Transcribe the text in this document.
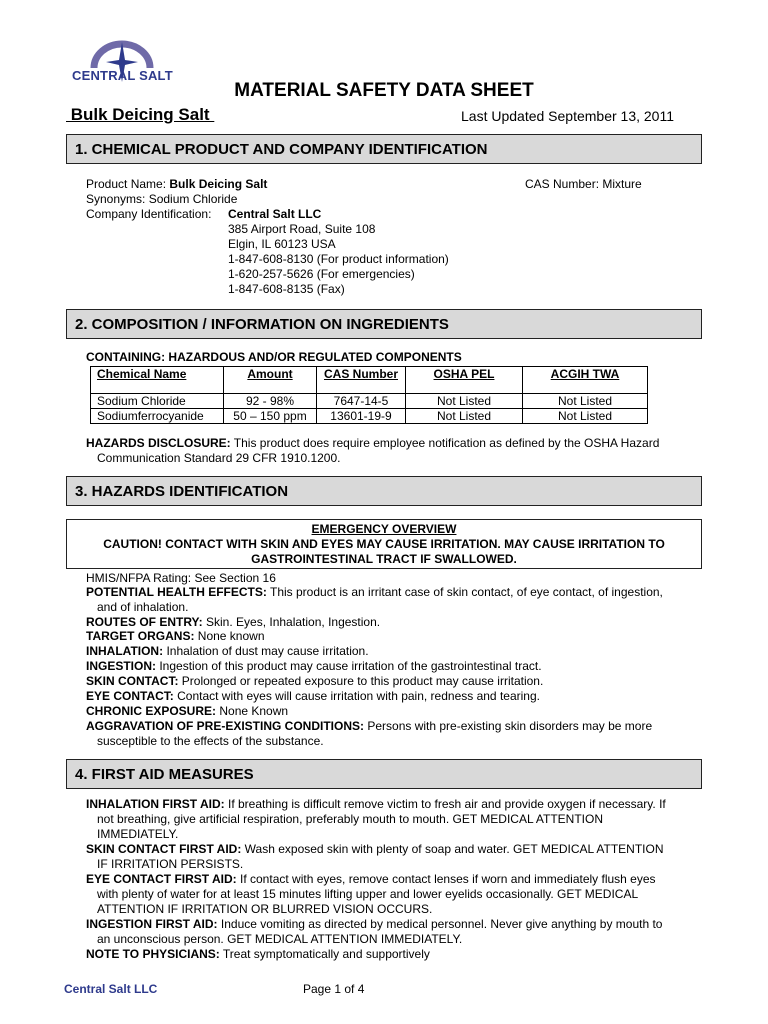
CENTRAL SALT
MATERIAL SAFETY DATA SHEET
Bulk Deicing Salt	Last Updated September 13, 2011
1. CHEMICAL PRODUCT AND COMPANY IDENTIFICATION
Product Name: Bulk Deicing Salt	CAS Number: Mixture
Synonyms: Sodium Chloride
Company Identification: Central Salt LLC
385 Airport Road, Suite 108
Elgin, IL 60123 USA
1-847-608-8130 (For product information)
1-620-257-5626 (For emergencies)
1-847-608-8135 (Fax)
2. COMPOSITION / INFORMATION ON INGREDIENTS
CONTAINING: HAZARDOUS AND/OR REGULATED COMPONENTS
Chemical Name	Amount	CAS Number	OSHA PEL	ACGIH TWA
Sodium Chloride	92 - 98%	7647-14-5	Not Listed	Not Listed
Sodiumferrocyanide	50 – 150 ppm	13601-19-9	Not Listed	Not Listed
HAZARDS DISCLOSURE: This product does require employee notification as defined by the OSHA Hazard
Communication Standard 29 CFR 1910.1200.
3. HAZARDS IDENTIFICATION
EMERGENCY OVERVIEW
CAUTION! CONTACT WITH SKIN AND EYES MAY CAUSE IRRITATION. MAY CAUSE IRRITATION TO
GASTROINTESTINAL TRACT IF SWALLOWED.
HMIS/NFPA Rating: See Section 16
POTENTIAL HEALTH EFFECTS: This product is an irritant case of skin contact, of eye contact, of ingestion,
and of inhalation.
ROUTES OF ENTRY: Skin. Eyes, Inhalation, Ingestion.
TARGET ORGANS: None known
INHALATION: Inhalation of dust may cause irritation.
INGESTION: Ingestion of this product may cause irritation of the gastrointestinal tract.
SKIN CONTACT: Prolonged or repeated exposure to this product may cause irritation.
EYE CONTACT: Contact with eyes will cause irritation with pain, redness and tearing.
CHRONIC EXPOSURE: None Known
AGGRAVATION OF PRE-EXISTING CONDITIONS: Persons with pre-existing skin disorders may be more
susceptible to the effects of the substance.
4. FIRST AID MEASURES
INHALATION FIRST AID: If breathing is difficult remove victim to fresh air and provide oxygen if necessary. If
not breathing, give artificial respiration, preferably mouth to mouth. GET MEDICAL ATTENTION
IMMEDIATELY.
SKIN CONTACT FIRST AID: Wash exposed skin with plenty of soap and water. GET MEDICAL ATTENTION
IF IRRITATION PERSISTS.
EYE CONTACT FIRST AID: If contact with eyes, remove contact lenses if worn and immediately flush eyes
with plenty of water for at least 15 minutes lifting upper and lower eyelids occasionally. GET MEDICAL
ATTENTION IF IRRITATION OR BLURRED VISION OCCURS.
INGESTION FIRST AID: Induce vomiting as directed by medical personnel. Never give anything by mouth to
an unconscious person. GET MEDICAL ATTENTION IMMEDIATELY.
NOTE TO PHYSICIANS: Treat symptomatically and supportively
Central Salt LLC	Page 1 of 4
